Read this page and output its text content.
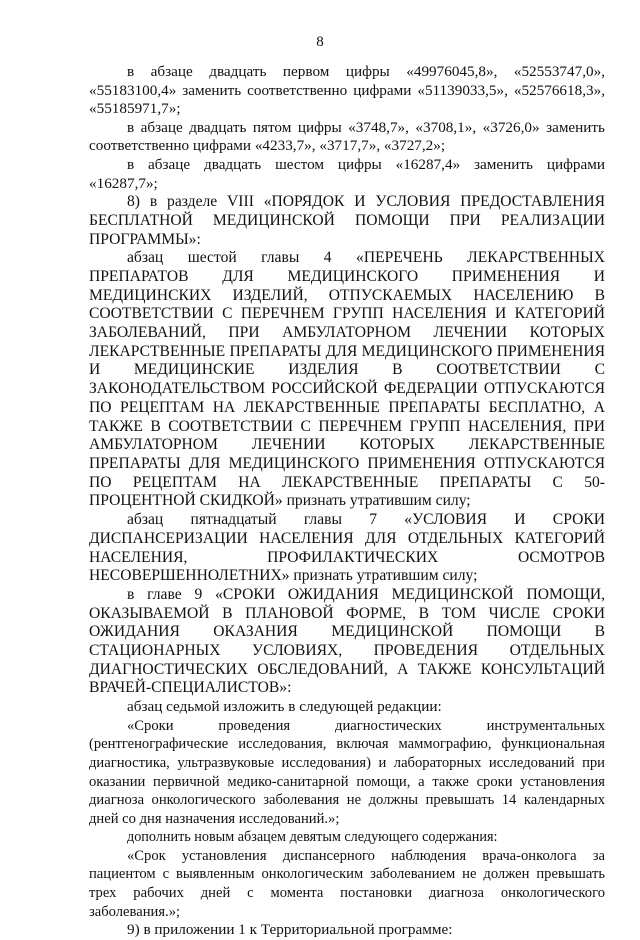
8

в абзаце двадцать первом цифры «49976045,8», «52553747,0», «55183100,4» заменить соответственно цифрами «51139033,5», «52576618,3», «55185971,7»;

в абзаце двадцать пятом цифры «3748,7», «3708,1», «3726,0» заменить соответственно цифрами «4233,7», «3717,7», «3727,2»;

в абзаце двадцать шестом цифры «16287,4» заменить цифрами «16287,7»;

8) в разделе VIII «ПОРЯДОК И УСЛОВИЯ ПРЕДОСТАВЛЕНИЯ БЕСПЛАТНОЙ МЕДИЦИНСКОЙ ПОМОЩИ ПРИ РЕАЛИЗАЦИИ ПРОГРАММЫ»:

абзац шестой главы 4 «ПЕРЕЧЕНЬ ЛЕКАРСТВЕННЫХ ПРЕПАРАТОВ ДЛЯ МЕДИЦИНСКОГО ПРИМЕНЕНИЯ И МЕДИЦИНСКИХ ИЗДЕЛИЙ, ОТПУСКАЕМЫХ НАСЕЛЕНИЮ В СООТВЕТСТВИИ С ПЕРЕЧНЕМ ГРУПП НАСЕЛЕНИЯ И КАТЕГОРИЙ ЗАБОЛЕВАНИЙ, ПРИ АМБУЛАТОРНОМ ЛЕЧЕНИИ КОТОРЫХ ЛЕКАРСТВЕННЫЕ ПРЕПАРАТЫ ДЛЯ МЕДИЦИНСКОГО ПРИМЕНЕНИЯ И МЕДИЦИНСКИЕ ИЗДЕЛИЯ В СООТВЕТСТВИИ С ЗАКОНОДАТЕЛЬСТВОМ РОССИЙСКОЙ ФЕДЕРАЦИИ ОТПУСКАЮТСЯ ПО РЕЦЕПТАМ НА ЛЕКАРСТВЕННЫЕ ПРЕПАРАТЫ БЕСПЛАТНО, А ТАКЖЕ В СООТВЕТСТВИИ С ПЕРЕЧНЕМ ГРУПП НАСЕЛЕНИЯ, ПРИ АМБУЛАТОРНОМ ЛЕЧЕНИИ КОТОРЫХ ЛЕКАРСТВЕННЫЕ ПРЕПАРАТЫ ДЛЯ МЕДИЦИНСКОГО ПРИМЕНЕНИЯ ОТПУСКАЮТСЯ ПО РЕЦЕПТАМ НА ЛЕКАРСТВЕННЫЕ ПРЕПАРАТЫ С 50-ПРОЦЕНТНОЙ СКИДКОЙ» признать утратившим силу;

абзац пятнадцатый главы 7 «УСЛОВИЯ И СРОКИ ДИСПАНСЕРИЗАЦИИ НАСЕЛЕНИЯ ДЛЯ ОТДЕЛЬНЫХ КАТЕГОРИЙ НАСЕЛЕНИЯ, ПРОФИЛАКТИЧЕСКИХ ОСМОТРОВ НЕСОВЕРШЕННОЛЕТНИХ» признать утратившим силу;

в главе 9 «СРОКИ ОЖИДАНИЯ МЕДИЦИНСКОЙ ПОМОЩИ, ОКАЗЫВАЕМОЙ В ПЛАНОВОЙ ФОРМЕ, В ТОМ ЧИСЛЕ СРОКИ ОЖИДАНИЯ ОКАЗАНИЯ МЕДИЦИНСКОЙ ПОМОЩИ В СТАЦИОНАРНЫХ УСЛОВИЯХ, ПРОВЕДЕНИЯ ОТДЕЛЬНЫХ ДИАГНОСТИЧЕСКИХ ОБСЛЕДОВАНИЙ, А ТАКЖЕ КОНСУЛЬТАЦИЙ ВРАЧЕЙ-СПЕЦИАЛИСТОВ»:

абзац седьмой изложить в следующей редакции:

«Сроки проведения диагностических инструментальных (рентгенографические исследования, включая маммографию, функциональная диагностика, ультразвуковые исследования) и лабораторных исследований при оказании первичной медико-санитарной помощи, а также сроки установления диагноза онкологического заболевания не должны превышать 14 календарных дней со дня назначения исследований.»;

дополнить новым абзацем девятым следующего содержания:

«Срок установления диспансерного наблюдения врача-онколога за пациентом с выявленным онкологическим заболеванием не должен превышать трех рабочих дней с момента постановки диагноза онкологического заболевания.»;

9) в приложении 1 к Территориальной программе:
